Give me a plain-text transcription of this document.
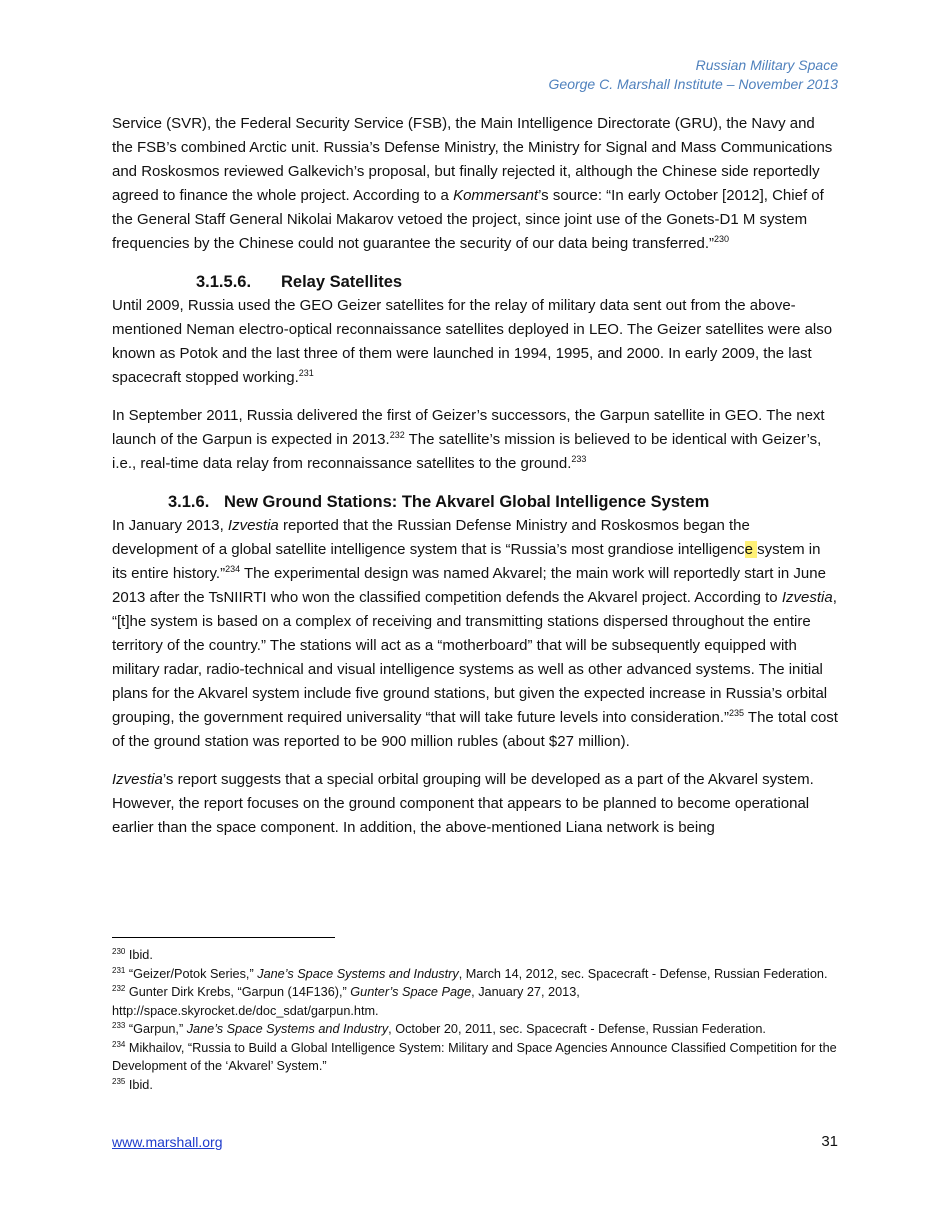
Russian Military Space
George C. Marshall Institute – November 2013

Service (SVR), the Federal Security Service (FSB), the Main Intelligence Directorate (GRU), the Navy and the FSB’s combined Arctic unit. Russia’s Defense Ministry, the Ministry for Signal and Mass Communications and Roskosmos reviewed Galkevich’s proposal, but finally rejected it, although the Chinese side reportedly agreed to finance the whole project. According to a Kommersant’s source: “In early October [2012], Chief of the General Staff General Nikolai Makarov vetoed the project, since joint use of the Gonets-D1 M system frequencies by the Chinese could not guarantee the security of our data being transferred.”$^{230}$

3.1.5.6. Relay Satellites

Until 2009, Russia used the GEO Geizer satellites for the relay of military data sent out from the above-mentioned Neman electro-optical reconnaissance satellites deployed in LEO. The Geizer satellites were also known as Potok and the last three of them were launched in 1994, 1995, and 2000. In early 2009, the last spacecraft stopped working.$^{231}$

In September 2011, Russia delivered the first of Geizer’s successors, the Garpun satellite in GEO. The next launch of the Garpun is expected in 2013.$^{232}$ The satellite’s mission is believed to be identical with Geizer’s, i.e., real-time data relay from reconnaissance satellites to the ground.$^{233}$

3.1.6. New Ground Stations: The Akvarel Global Intelligence System

In January 2013, Izvestia reported that the Russian Defense Ministry and Roskosmos began the development of a global satellite intelligence system that is “Russia’s most grandiose intelligence system in its entire history.”$^{234}$ The experimental design was named Akvarel; the main work will reportedly start in June 2013 after the TsNIIRTI who won the classified competition defends the Akvarel project. According to Izvestia, “[t]he system is based on a complex of receiving and transmitting stations dispersed throughout the entire territory of the country.” The stations will act as a “motherboard” that will be subsequently equipped with military radar, radio-technical and visual intelligence systems as well as other advanced systems. The initial plans for the Akvarel system include five ground stations, but given the expected increase in Russia’s orbital grouping, the government required universality “that will take future levels into consideration.”$^{235}$ The total cost of the ground station was reported to be 900 million rubles (about $27 million).

Izvestia’s report suggests that a special orbital grouping will be developed as a part of the Akvarel system. However, the report focuses on the ground component that appears to be planned to become operational earlier than the space component. In addition, the above-mentioned Liana network is being

$^{230}$ Ibid.
$^{231}$ “Geizer/Potok Series,” Jane’s Space Systems and Industry, March 14, 2012, sec. Spacecraft - Defense, Russian Federation.
$^{232}$ Gunter Dirk Krebs, “Garpun (14F136),” Gunter’s Space Page, January 27, 2013, http://space.skyrocket.de/doc_sdat/garpun.htm.
$^{233}$ “Garpun,” Jane’s Space Systems and Industry, October 20, 2011, sec. Spacecraft - Defense, Russian Federation.
$^{234}$ Mikhailov, “Russia to Build a Global Intelligence System: Military and Space Agencies Announce Classified Competition for the Development of the ‘Akvarel’ System.”
$^{235}$ Ibid.
www.marshall.org	31
